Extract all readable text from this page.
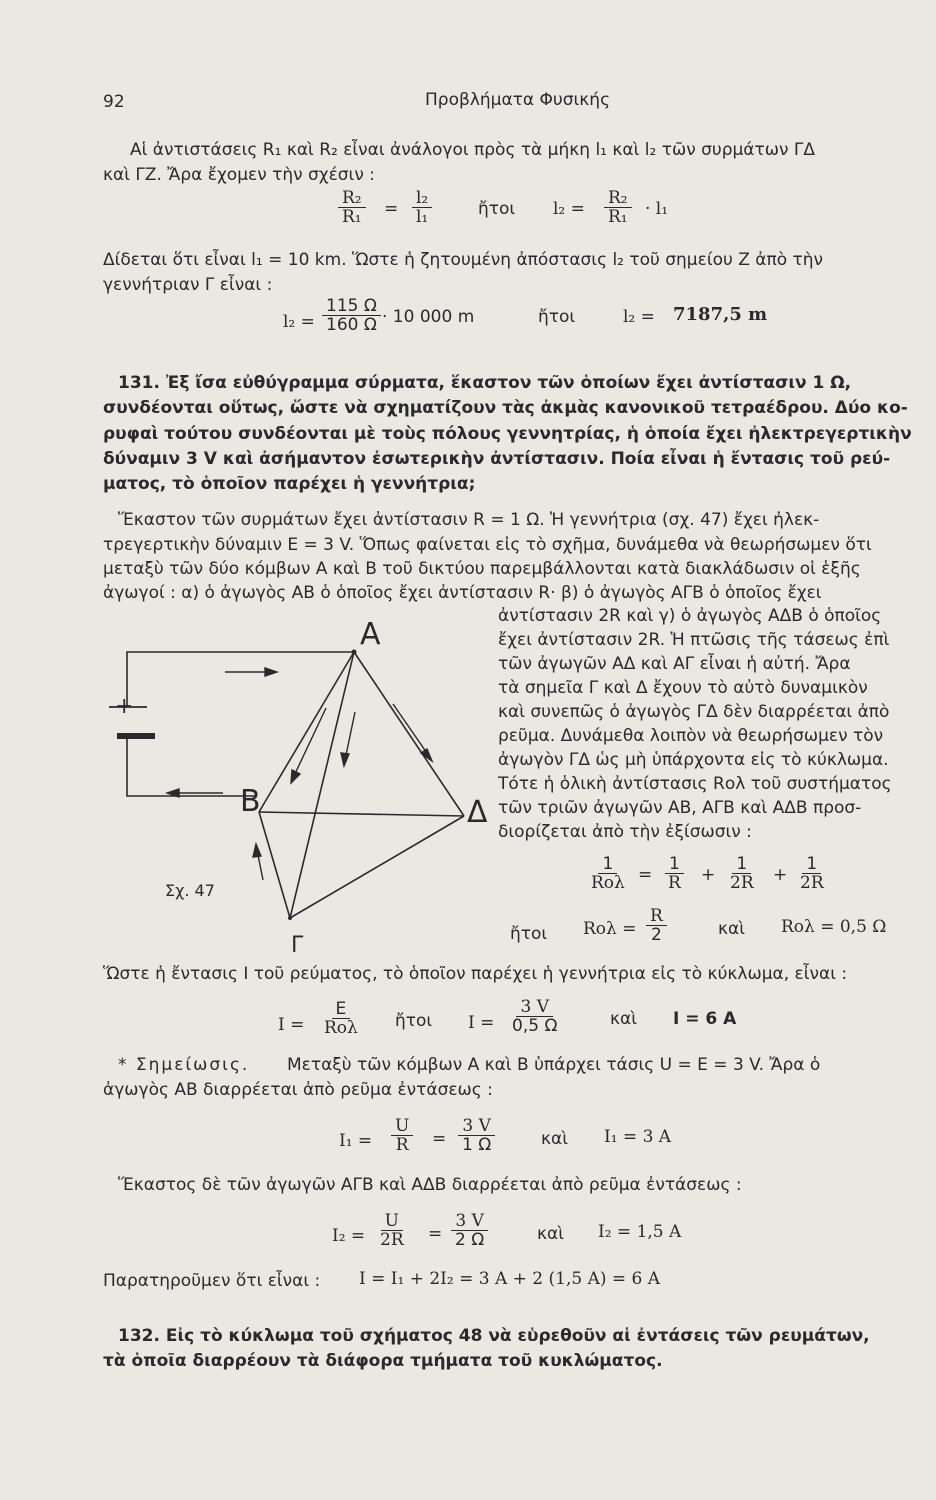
92	Προβλήματα Φυσικής
Αἱ ἀντιστάσεις R₁ καὶ R₂ εἶναι ἀνάλογοι πρὸς τὰ μήκη l₁ καὶ l₂ τῶν συρμάτων ΓΔ
καὶ ΓΖ. Ἄρα ἔχομεν τὴν σχέσιν :
$\frac{\text{R₂}}{\text{R₁}} = \frac{\text{l₂}}{\text{l₁}}$	ἤτοι $l_2 = \frac{\text{R₂}}{\text{R₁}} \cdot l_1$
Δίδεται ὅτι εἶναι l₁ = 10 km. Ὥστε ἡ ζητουμένη ἀπόστασις l₂ τοῦ σημείου Ζ ἀπὸ τὴν
γεννήτριαν Γ εἶναι :
$l_2 = \frac{115 \Omega}{160 \Omega} \cdot 10$ 000 m	ἤτοι	l₂ = 7187,5 m
131. Ἐξ ἴσα εὐθύγραμμα σύρματα, ἕκαστον τῶν ὁποίων ἔχει ἀντίστασιν 1 Ω,
συνδέονται οὕτως, ὥστε νὰ σχηματίζουν τὰς ἀκμὰς κανονικοῦ τετραέδρου. Δύο κο-
ρυφαὶ τούτου συνδέονται μὲ τοὺς πόλους γεννητρίας, ἡ ὁποία ἔχει ἠλεκτρεγερτικὴν
δύναμιν 3 V καὶ ἀσήμαντον ἐσωτερικὴν ἀντίστασιν. Ποία εἶναι ἡ ἔντασις τοῦ ρεύ-
ματος, τὸ ὁποῖον παρέχει ἡ γεννήτρια;
Ἕκαστον τῶν συρμάτων ἔχει ἀντίστασιν R = 1 Ω. Ἡ γεννήτρια (σχ. 47) ἔχει ἠλεκ-
τρεγερτικὴν δύναμιν E = 3 V. Ὅπως φαίνεται εἰς τὸ σχῆμα, δυνάμεθα νὰ θεωρήσωμεν ὅτι
μεταξὺ τῶν δύο κόμβων A καὶ B τοῦ δικτύου παρεμβάλλονται κατὰ διακλάδωσιν οἱ ἑξῆς
ἀγωγοί : α) ὁ ἀγωγὸς AB ὁ ὁποῖος ἔχει ἀντίστασιν R· β) ὁ ἀγωγὸς AΓB ὁ ὁποῖος ἔχει
ἀντίστασιν 2R καὶ γ) ὁ ἀγωγὸς AΔB ὁ ὁποῖος
ἔχει ἀντίστασιν 2R. Ἡ πτῶσις τῆς τάσεως ἐπὶ
τῶν ἀγωγῶν AΔ καὶ AΓ εἶναι ἡ αὐτή. Ἄρα
τὰ σημεῖα Γ καὶ Δ ἔχουν τὸ αὐτὸ δυναμικὸν
καὶ συνεπῶς ὁ ἀγωγὸς ΓΔ δὲν διαρρέεται ἀπὸ
ρεῦμα. Δυνάμεθα λοιπὸν νὰ θεωρήσωμεν τὸν
ἀγωγὸν ΓΔ ὡς μὴ ὑπάρχοντα εἰς τὸ κύκλωμα.
Τότε ἡ ὁλικὴ ἀντίστασις Rολ τοῦ συστήματος
τῶν τριῶν ἀγωγῶν AB, AΓB καὶ AΔB προσ-
διορίζεται ἀπὸ τὴν ἐξίσωσιν :
1
$Ro\lambda = \frac{1}{R} + \frac{1}{2R} + \frac{1}{2R}$
ἤτοι $Ro\lambda = \frac{R}{2}$	καὶ Rολ = 0,5 Ω
Ὥστε ἡ ἔντασις I τοῦ ρεύματος, τὸ ὁποῖον παρέχει ἡ γεννήτρια εἰς τὸ κύκλωμα, εἶναι :
I =
E
Rολ ἤτοι $I = \frac{3 V}{0,5 \Omega}$	καὶ I = 6 A
* Σημείωσις. Μεταξὺ τῶν κόμβων A καὶ B ὑπάρχει τάσις U = E = 3 V. Ἄρα ὁ
ἀγωγὸς AB διαρρέεται ἀπὸ ρεῦμα ἐντάσεως :
$I_1 = \frac{U}{R} = \frac{3 V}{1 \Omega}$	καὶ I₁ = 3 A
Ἕκαστος δὲ τῶν ἀγωγῶν AΓB καὶ AΔB διαρρέεται ἀπὸ ρεῦμα ἐντάσεως :
$I_2 = \frac{U}{2R} = \frac{3 V}{2 \Omega}$	καὶ I₂ = 1,5 A
Παρατηροῦμεν ὅτι εἶναι : I = I₁ + 2I₂ = 3 A + 2 (1,5 A) = 6 A
132. Εἰς τὸ κύκλωμα τοῦ σχήματος 48 νὰ εὑρεθοῦν αἱ ἐντάσεις τῶν ρευμάτων,
τὰ ὁποῖα διαρρέουν τὰ διάφορα τμήματα τοῦ κυκλώματος.
+
A
B	Δ
Γ
Σχ. 47
